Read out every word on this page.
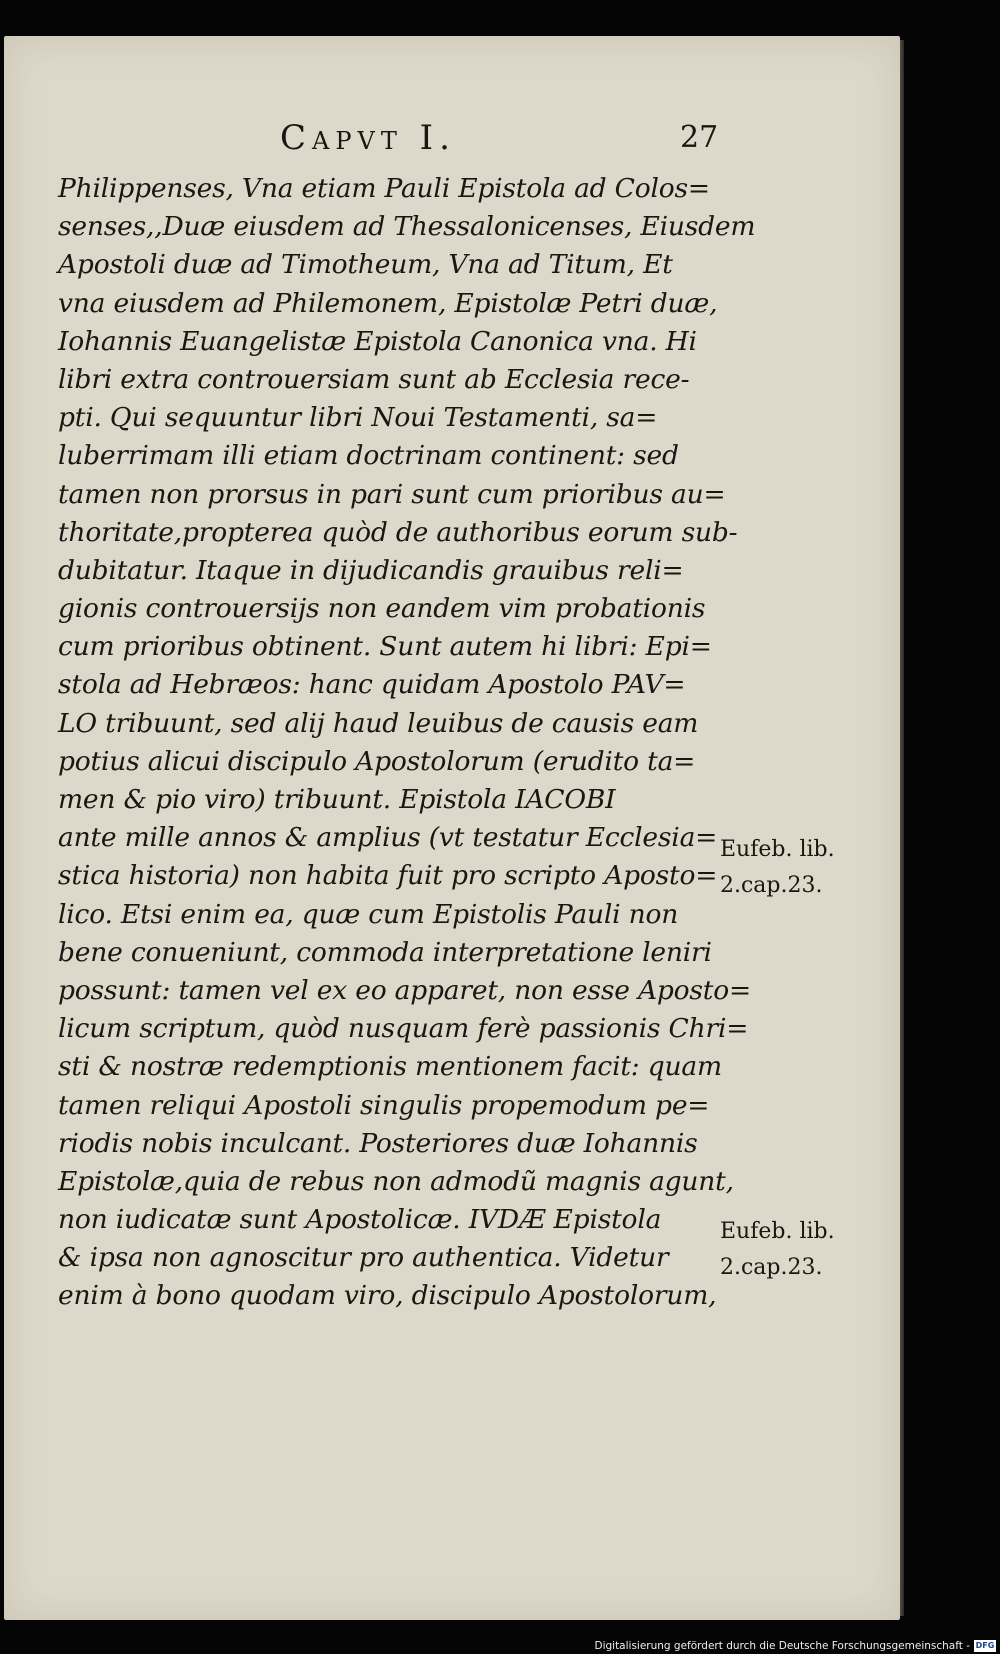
Capvt I.	27
Philippenses, Vna etiam Pauli Epistola ad Colos=
senses,,Duæ eiusdem ad Thessalonicenses, Eiusdem
Apostoli duæ ad Timotheum, Vna ad Titum, Et
vna eiusdem ad Philemonem, Epistolæ Petri duæ,
Iohannis Euangelistæ Epistola Canonica vna. Hi
libri extra controuersiam sunt ab Ecclesia rece-
pti. Qui sequuntur libri Noui Testamenti, sa=
luberrimam illi etiam doctrinam continent: sed
tamen non prorsus in pari sunt cum prioribus au=
thoritate,propterea quòd de authoribus eorum sub-
dubitatur. Itaque in dijudicandis grauibus reli=
gionis controuersijs non eandem vim probationis
cum prioribus obtinent. Sunt autem hi libri: Epi=
stola ad Hebræos: hanc quidam Apostolo PAV=
LO tribuunt, sed alij haud leuibus de causis eam
potius alicui discipulo Apostolorum (erudito ta=
men & pio viro) tribuunt. Epistola IACOBI
ante mille annos & amplius (vt testatur Ecclesia=
stica historia) non habita fuit pro scripto Aposto=
lico. Etsi enim ea, quæ cum Epistolis Pauli non
bene conueniunt, commoda interpretatione leniri
possunt: tamen vel ex eo apparet, non esse Aposto=
licum scriptum, quòd nusquam ferè passionis Chri=
sti & nostræ redemptionis mentionem facit: quam
tamen reliqui Apostoli singulis propemodum pe=
riodis nobis inculcant. Posteriores duæ Iohannis
Epistolæ,quia de rebus non admodũ magnis agunt,
non iudicatæ sunt Apostolicæ. IVDÆ Epistola
& ipsa non agnoscitur pro authentica. Videtur
enim à bono quodam viro, discipulo Apostolorum,
Eufeb. lib.
2.cap.23.
Eufeb. lib.
2.cap.23.
Digitalisierung gefördert durch die Deutsche Forschungsgemeinschaft - DFG
